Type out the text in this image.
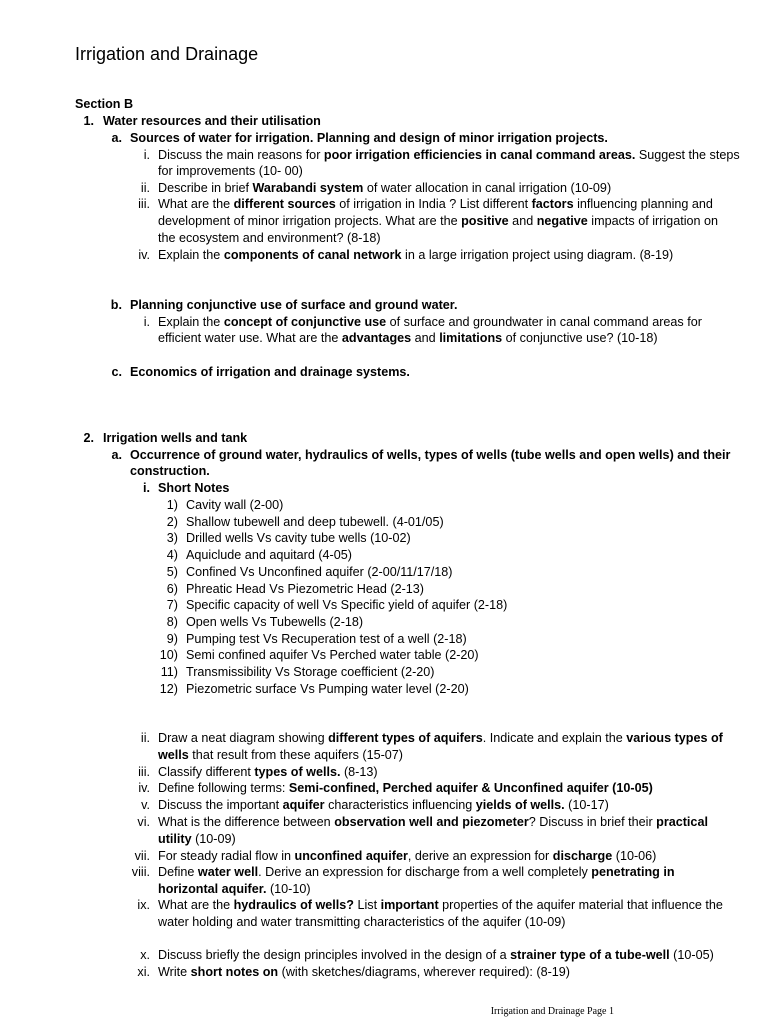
Irrigation and Drainage
Section B
1. Water resources and their utilisation
a. Sources of water for irrigation. Planning and design of minor irrigation projects.
i. Discuss the main reasons for poor irrigation efficiencies in canal command areas. Suggest the steps
for improvements (10- 00)
ii. Describe in brief Warabandi system of water allocation in canal irrigation (10-09)
iii. What are the different sources of irrigation in India ? List different factors influencing planning and
development of minor irrigation projects. What are the positive and negative impacts of irrigation on
the ecosystem and environment? (8-18)
iv. Explain the components of canal network in a large irrigation project using diagram. (8-19)
b. Planning conjunctive use of surface and ground water.
i. Explain the concept of conjunctive use of surface and groundwater in canal command areas for
efficient water use. What are the advantages and limitations of conjunctive use? (10-18)
c. Economics of irrigation and drainage systems.
2. Irrigation wells and tank
a. Occurrence of ground water, hydraulics of wells, types of wells (tube wells and open wells) and their
construction.
i. Short Notes
1) Cavity wall (2-00)
2) Shallow tubewell and deep tubewell. (4-01/05)
3) Drilled wells Vs cavity tube wells (10-02)
4) Aquiclude and aquitard (4-05)
5) Confined Vs Unconfined aquifer (2-00/11/17/18)
6) Phreatic Head Vs Piezometric Head (2-13)
7) Specific capacity of well Vs Specific yield of aquifer (2-18)
8) Open wells Vs Tubewells (2-18)
9) Pumping test Vs Recuperation test of a well (2-18)
10) Semi confined aquifer Vs Perched water table (2-20)
11) Transmissibility Vs Storage coefficient (2-20)
12) Piezometric surface Vs Pumping water level (2-20)
ii. Draw a neat diagram showing different types of aquifers. Indicate and explain the various types of
wells that result from these aquifers (15-07)
iii. Classify different types of wells. (8-13)
iv. Define following terms: Semi-confined, Perched aquifer & Unconfined aquifer (10-05)
v. Discuss the important aquifer characteristics influencing yields of wells. (10-17)
vi. What is the difference between observation well and piezometer? Discuss in brief their practical
utility (10-09)
vii. For steady radial flow in unconfined aquifer, derive an expression for discharge (10-06)
viii. Define water well. Derive an expression for discharge from a well completely penetrating in
horizontal aquifer. (10-10)
ix. What are the hydraulics of wells? List important properties of the aquifer material that influence the
water holding and water transmitting characteristics of the aquifer (10-09)
x. Discuss briefly the design principles involved in the design of a strainer type of a tube-well (10-05)
xi. Write short notes on (with sketches/diagrams, wherever required): (8-19)
Irrigation and Drainage Page 1
